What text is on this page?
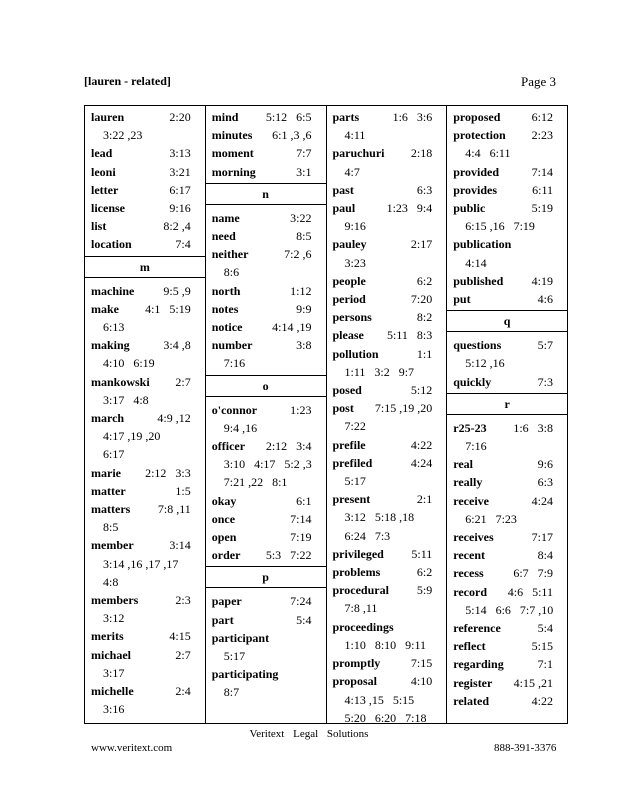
[lauren - related]	Page 3
lauren	2:20
3:22 ,23
lead	3:13
leoni	3:21
letter	6:17
license	9:16
list	8:2 ,4
location	7:4
m
machine 9:5 ,9
make 4:1   5:19
6:13
making	3:4 ,8
4:10   6:19
mankowski 2:7
3:17   4:8
march	4:9 ,12
4:17 ,19 ,20
6:17
marie 2:12   3:3
matter	1:5
matters 7:8 ,11
8:5
member	3:14
3:14 ,16 ,17 ,17
4:8
members	2:3
3:12
merits	4:15
michael	2:7
3:17
michelle	2:4
3:16
mind 5:12   6:5
minutes 6:1 ,3 ,6
moment	7:7
morning	3:1
n
name	3:22
need	8:5
neither	7:2 ,6
8:6
north	1:12
notes	9:9
notice 4:14 ,19
number	3:8
7:16
o
o'connor	1:23
9:4 ,16
officer 2:12   3:4
3:10   4:17   5:2 ,3
7:21 ,22   8:1
okay	6:1
once	7:14
open	7:19
order 5:3   7:22
p
paper	7:24
part	5:4
participant
5:17
participating
8:7
parts	1:6   3:6
4:11
paruchuri 2:18
4:7
past	6:3
paul	1:23   9:4
9:16
pauley	2:17
3:23
people	6:2
period	7:20
persons	8:2
please 5:11   8:3
pollution	1:1
1:11   3:2   9:7
posed	5:12
post 7:15 ,19 ,20
7:22
prefile	4:22
prefiled	4:24
5:17
present	2:1
3:12   5:18 ,18
6:24   7:3
privileged 5:11
problems	6:2
procedural 5:9
7:8 ,11
proceedings
1:10   8:10   9:11
promptly	7:15
proposal	4:10
4:13 ,15   5:15
5:20   6:20   7:18
proposed	6:12
protection 2:23
4:4   6:11
provided	7:14
provides	6:11
public	5:19
6:15 ,16   7:19
publication
4:14
published 4:19
put	4:6
q
questions	5:7
5:12 ,16
quickly	7:3
r
r25-23 1:6   3:8
7:16
real	9:6
really	6:3
receive	4:24
6:21   7:23
receives	7:17
recent	8:4
recess 6:7   7:9
record 4:6   5:11
5:14   6:6   7:7 ,10
reference	5:4
reflect	5:15
regarding	7:1
register 4:15 ,21
related	4:22
Veritext Legal Solutions
www.veritext.com	888-391-3376
